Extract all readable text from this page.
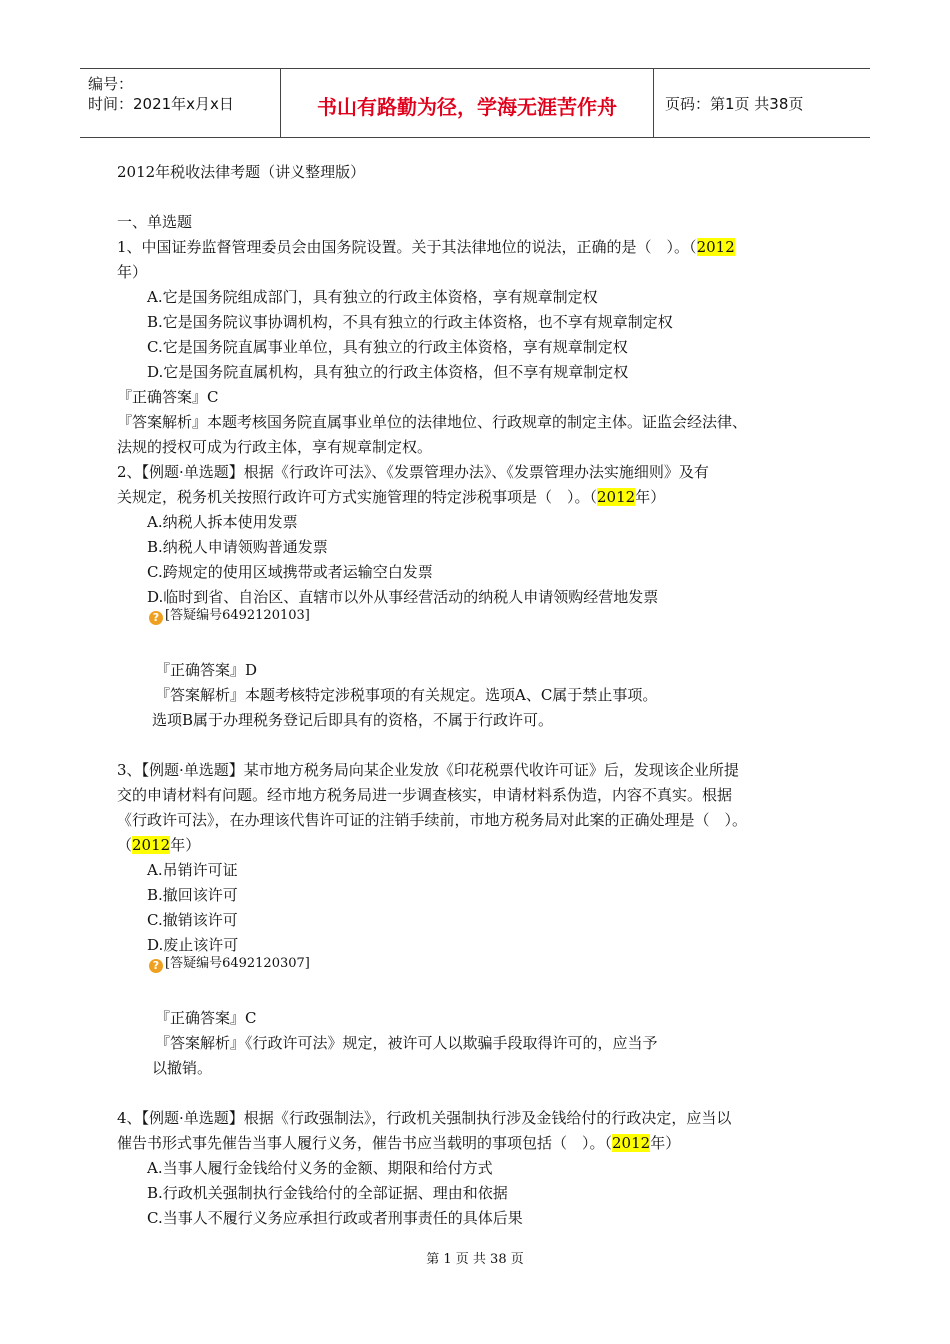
编号：
时间：2021年x月x日	书山有路勤为径，学海无涯苦作舟	页码：第1页 共38页
2012年税收法律考题（讲义整理版）
一、单选题
1、中国证券监督管理委员会由国务院设置。关于其法律地位的说法，正确的是（　）。（2012
年）
A.它是国务院组成部门，具有独立的行政主体资格，享有规章制定权
B.它是国务院议事协调机构，不具有独立的行政主体资格，也不享有规章制定权
C.它是国务院直属事业单位，具有独立的行政主体资格，享有规章制定权
D.它是国务院直属机构，具有独立的行政主体资格，但不享有规章制定权
『正确答案』C
『答案解析』本题考核国务院直属事业单位的法律地位、行政规章的制定主体。证监会经法律、
法规的授权可成为行政主体，享有规章制定权。
2、【例题·单选题】根据《行政许可法》、《发票管理办法》、《发票管理办法实施细则》及有
关规定，税务机关按照行政许可方式实施管理的特定涉税事项是（　）。（2012年）
A.纳税人拆本使用发票
B.纳税人申请领购普通发票
C.跨规定的使用区域携带或者运输空白发票
D.临时到省、自治区、直辖市以外从事经营活动的纳税人申请领购经营地发票
? [答疑编号6492120103]
『正确答案』D
『答案解析』本题考核特定涉税事项的有关规定。选项A、C属于禁止事项。
选项B属于办理税务登记后即具有的资格，不属于行政许可。
3、【例题·单选题】某市地方税务局向某企业发放《印花税票代收许可证》后，发现该企业所提
交的申请材料有问题。经市地方税务局进一步调查核实，申请材料系伪造，内容不真实。根据
《行政许可法》，在办理该代售许可证的注销手续前，市地方税务局对此案的正确处理是（　）。
（2012年）
A.吊销许可证
B.撤回该许可
C.撤销该许可
D.废止该许可
? [答疑编号6492120307]
『正确答案』C
『答案解析』《行政许可法》规定，被许可人以欺骗手段取得许可的，应当予
以撤销。
4、【例题·单选题】根据《行政强制法》，行政机关强制执行涉及金钱给付的行政决定，应当以
催告书形式事先催告当事人履行义务，催告书应当载明的事项包括（　）。（2012年）
A.当事人履行金钱给付义务的金额、期限和给付方式
B.行政机关强制执行金钱给付的全部证据、理由和依据
C.当事人不履行义务应承担行政或者刑事责任的具体后果
第 1 页 共 38 页
